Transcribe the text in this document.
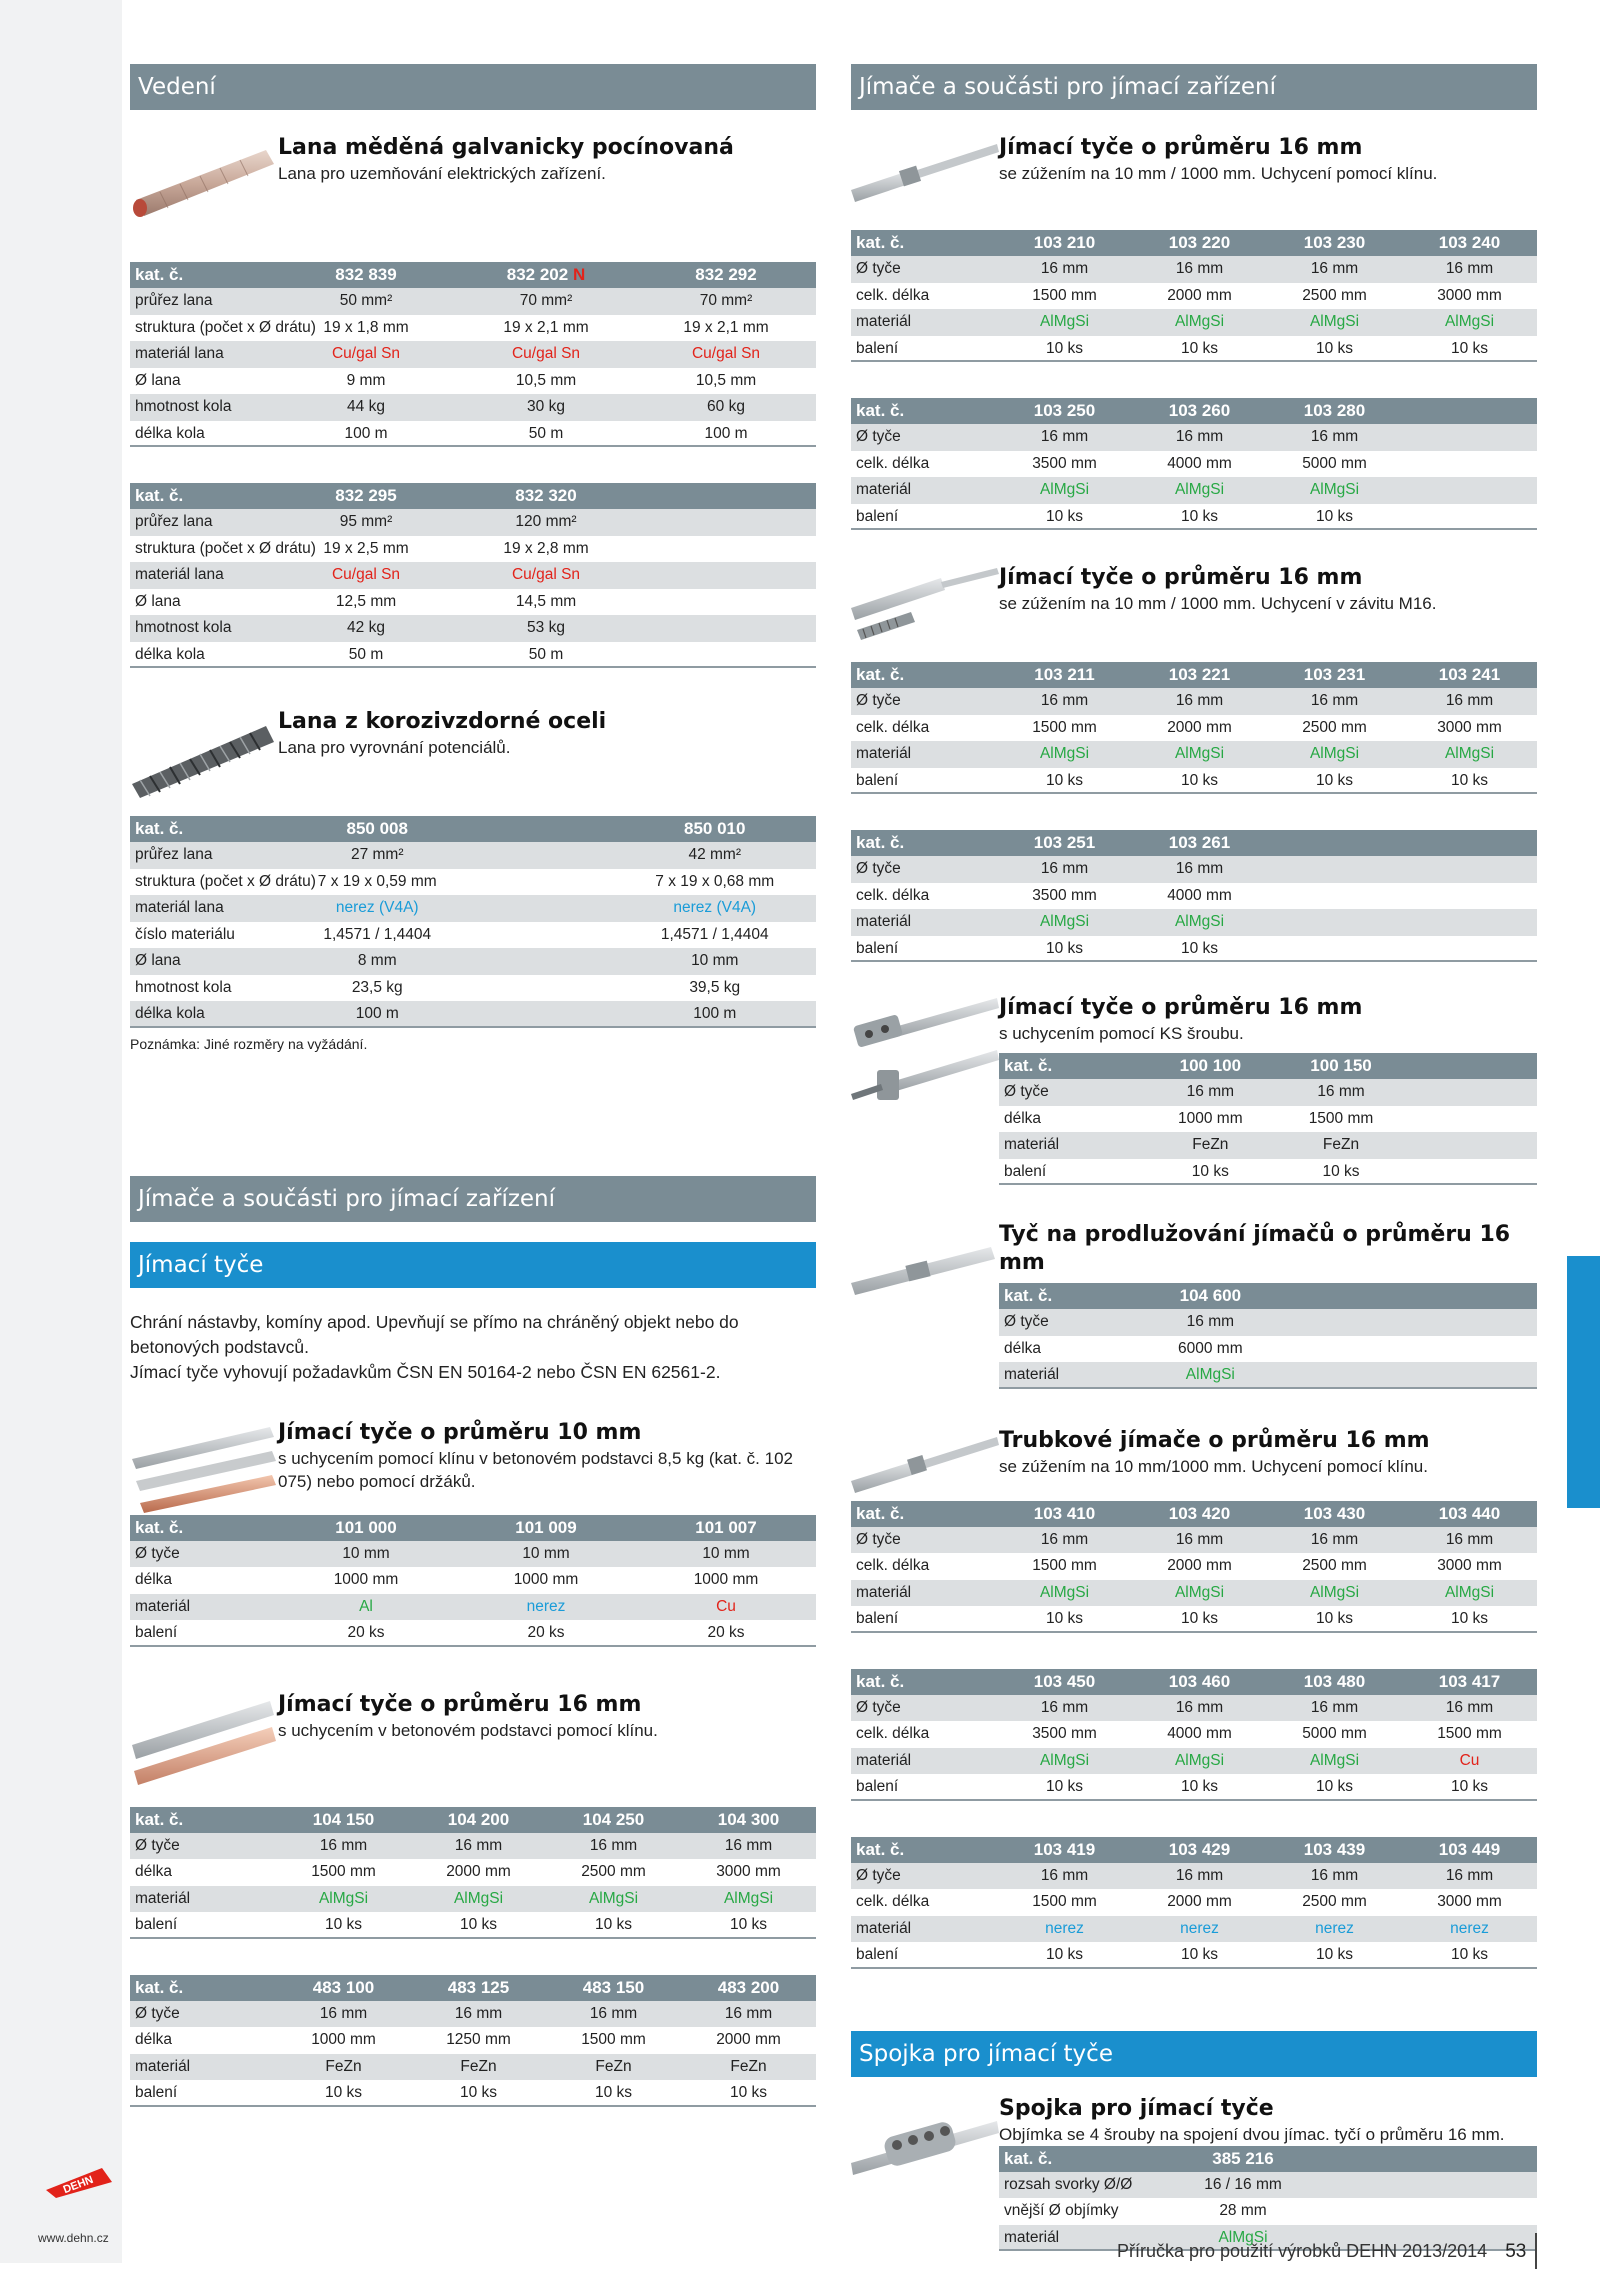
DEHN
www.dehn.cz
Vedení
Lana měděná galvanicky pocínovaná
Lana pro uzemňování elektrických zařízení.
kat. č.	832 839	832 202 N	832 292
průřez lana	50 mm²	70 mm²	70 mm²
struktura (počet x Ø drátu) 19 x 1,8 mm	19 x 2,1 mm	19 x 2,1 mm
materiál lana	Cu/gal Sn	Cu/gal Sn	Cu/gal Sn
Ø lana	9 mm	10,5 mm	10,5 mm
hmotnost kola	44 kg	30 kg	60 kg
délka kola	100 m	50 m	100 m
kat. č.	832 295	832 320
průřez lana	95 mm²	120 mm²
struktura (počet x Ø drátu) 19 x 2,5 mm	19 x 2,8 mm
materiál lana	Cu/gal Sn	Cu/gal Sn
Ø lana	12,5 mm	14,5 mm
hmotnost kola	42 kg	53 kg
délka kola	50 m	50 m
Lana z korozivzdorné oceli
Lana pro vyrovnání potenciálů.
kat. č.	850 008	850 010
průřez lana	27 mm²	42 mm²
struktura (počet x Ø drátu) 7 x 19 x 0,59 mm	7 x 19 x 0,68 mm
materiál lana	nerez (V4A)	nerez (V4A)
číslo materiálu	1,4571 / 1,4404	1,4571 / 1,4404
Ø lana	8 mm	10 mm
hmotnost kola	23,5 kg	39,5 kg
délka kola	100 m	100 m
Poznámka: Jiné rozměry na vyžádání.
Jímače a součásti pro jímací zařízení
Jímací tyče
Chrání nástavby, komíny apod. Upevňují se přímo na chráněný objekt nebo do betonových podstavců.
Jímací tyče vyhovují požadavkům ČSN EN 50164-2 nebo ČSN EN 62561-2.
Jímací tyče o průměru 10 mm
s uchycením pomocí klínu v betonovém podstavci 8,5 kg (kat. č. 102 075) nebo pomocí držáků.
kat. č.	101 000	101 009	101 007
Ø tyče	10 mm	10 mm	10 mm
délka	1000 mm	1000 mm	1000 mm
materiál	Al	nerez	Cu
balení	20 ks	20 ks	20 ks
Jímací tyče o průměru 16 mm
s uchycením v betonovém podstavci pomocí klínu.
kat. č.	104 150	104 200	104 250	104 300
Ø tyče	16 mm	16 mm	16 mm	16 mm
délka	1500 mm	2000 mm	2500 mm	3000 mm
materiál	AlMgSi	AlMgSi	AlMgSi	AlMgSi
balení	10 ks	10 ks	10 ks	10 ks
kat. č.	483 100	483 125	483 150	483 200
Ø tyče	16 mm	16 mm	16 mm	16 mm
délka	1000 mm	1250 mm	1500 mm	2000 mm
materiál	FeZn	FeZn	FeZn	FeZn
balení	10 ks	10 ks	10 ks	10 ks
Jímače a součásti pro jímací zařízení
Jímací tyče o průměru 16 mm
se zúžením na 10 mm / 1000 mm. Uchycení pomocí klínu.
kat. č.	103 210	103 220	103 230	103 240
Ø tyče	16 mm	16 mm	16 mm	16 mm
celk. délka	1500 mm	2000 mm	2500 mm	3000 mm
materiál	AlMgSi	AlMgSi	AlMgSi	AlMgSi
balení	10 ks	10 ks	10 ks	10 ks
kat. č.	103 250	103 260	103 280
Ø tyče	16 mm	16 mm	16 mm
celk. délka	3500 mm	4000 mm	5000 mm
materiál	AlMgSi	AlMgSi	AlMgSi
balení	10 ks	10 ks	10 ks
Jímací tyče o průměru 16 mm
se zúžením na 10 mm / 1000 mm. Uchycení v závitu M16.
kat. č.	103 211	103 221	103 231	103 241
Ø tyče	16 mm	16 mm	16 mm	16 mm
celk. délka	1500 mm	2000 mm	2500 mm	3000 mm
materiál	AlMgSi	AlMgSi	AlMgSi	AlMgSi
balení	10 ks	10 ks	10 ks	10 ks
kat. č.	103 251	103 261
Ø tyče	16 mm	16 mm
celk. délka	3500 mm	4000 mm
materiál	AlMgSi	AlMgSi
balení	10 ks	10 ks
Jímací tyče o průměru 16 mm
s uchycením pomocí KS šroubu.
kat. č.	100 100	100 150
Ø tyče	16 mm	16 mm
délka	1000 mm	1500 mm
materiál	FeZn	FeZn
balení	10 ks	10 ks
Tyč na prodlužování jímačů o průměru 16 mm
kat. č.	104 600
Ø tyče	16 mm
délka	6000 mm
materiál	AlMgSi
Trubkové jímače o průměru 16 mm
se zúžením na 10 mm/1000 mm. Uchycení pomocí klínu.
kat. č.	103 410	103 420	103 430	103 440
Ø tyče	16 mm	16 mm	16 mm	16 mm
celk. délka	1500 mm	2000 mm	2500 mm	3000 mm
materiál	AlMgSi	AlMgSi	AlMgSi	AlMgSi
balení	10 ks	10 ks	10 ks	10 ks
kat. č.	103 450	103 460	103 480	103 417
Ø tyče	16 mm	16 mm	16 mm	16 mm
celk. délka	3500 mm	4000 mm	5000 mm	1500 mm
materiál	AlMgSi	AlMgSi	AlMgSi	Cu
balení	10 ks	10 ks	10 ks	10 ks
kat. č.	103 419	103 429	103 439	103 449
Ø tyče	16 mm	16 mm	16 mm	16 mm
celk. délka	1500 mm	2000 mm	2500 mm	3000 mm
materiál	nerez	nerez	nerez	nerez
balení	10 ks	10 ks	10 ks	10 ks
Spojka pro jímací tyče
Spojka pro jímací tyče
Objímka se 4 šrouby na spojení dvou jímac. tyčí o průměru 16 mm.
kat. č.	385 216
rozsah svorky Ø/Ø	16 / 16 mm
vnější Ø objímky	28 mm
materiál	AlMgSi
Příručka pro použití výrobků DEHN 2013/2014 53
